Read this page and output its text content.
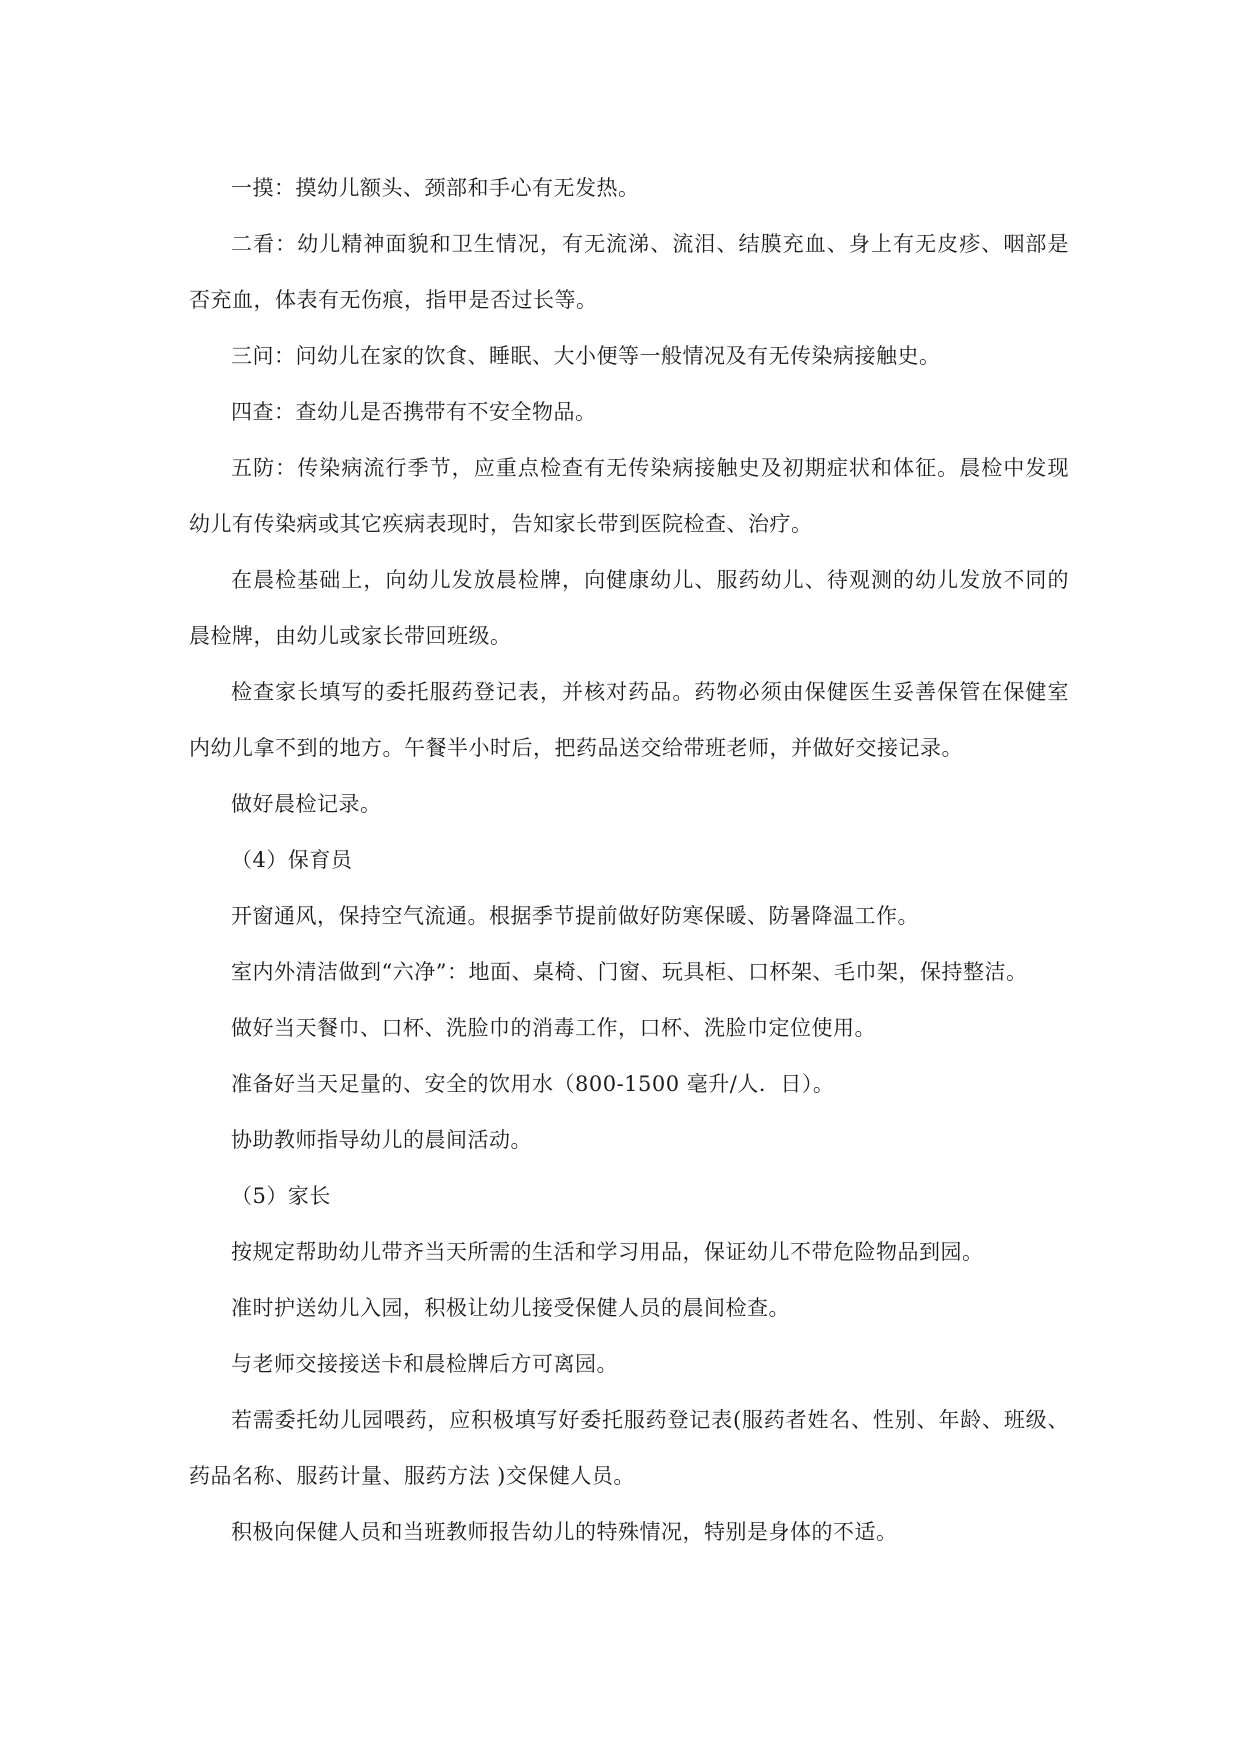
一摸：摸幼儿额头、颈部和手心有无发热。

二看：幼儿精神面貌和卫生情况，有无流涕、流泪、结膜充血、身上有无皮疹、咽部是否充血，体表有无伤痕，指甲是否过长等。

三问：问幼儿在家的饮食、睡眠、大小便等一般情况及有无传染病接触史。

四查：查幼儿是否携带有不安全物品。

五防：传染病流行季节，应重点检查有无传染病接触史及初期症状和体征。晨检中发现幼儿有传染病或其它疾病表现时，告知家长带到医院检查、治疗。

在晨检基础上，向幼儿发放晨检牌，向健康幼儿、服药幼儿、待观测的幼儿发放不同的晨检牌，由幼儿或家长带回班级。

检查家长填写的委托服药登记表，并核对药品。药物必须由保健医生妥善保管在保健室内幼儿拿不到的地方。午餐半小时后，把药品送交给带班老师，并做好交接记录。

做好晨检记录。

（4）保育员

开窗通风，保持空气流通。根据季节提前做好防寒保暖、防暑降温工作。

室内外清洁做到“六净”：地面、桌椅、门窗、玩具柜、口杯架、毛巾架，保持整洁。

做好当天餐巾、口杯、洗脸巾的消毒工作，口杯、洗脸巾定位使用。

准备好当天足量的、安全的饮用水（800-1500 毫升/人．日）。

协助教师指导幼儿的晨间活动。

（5）家长

按规定帮助幼儿带齐当天所需的生活和学习用品，保证幼儿不带危险物品到园。

准时护送幼儿入园，积极让幼儿接受保健人员的晨间检查。

与老师交接接送卡和晨检牌后方可离园。

若需委托幼儿园喂药，应积极填写好委托服药登记表(服药者姓名、性别、年龄、班级、药品名称、服药计量、服药方法 )交保健人员。

积极向保健人员和当班教师报告幼儿的特殊情况，特别是身体的不适。
